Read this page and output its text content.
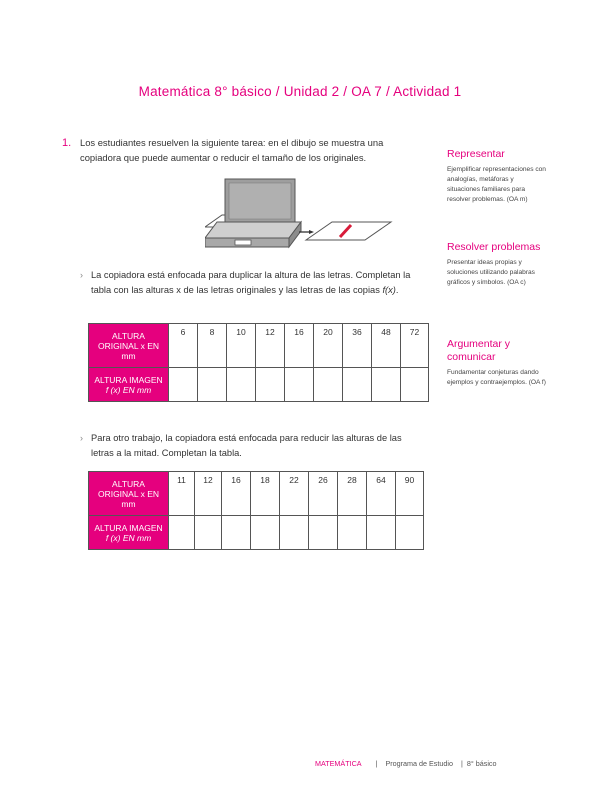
Matemática 8° básico / Unidad 2 / OA 7 / Actividad 1
1. Los estudiantes resuelven la siguiente tarea: en el dibujo se muestra una copiadora que puede aumentar o reducir el tamaño de los originales.
› La copiadora está enfocada para duplicar la altura de las letras. Completan la tabla con las alturas x de las letras originales y las letras de las copias f(x).
ALTURA ORIGINAL x EN mm	6	8	10	12	16	20	36	48	72
ALTURA IMAGEN
f (x) EN mm									
› Para otro trabajo, la copiadora está enfocada para reducir las alturas de las letras a la mitad. Completan la tabla.
ALTURA ORIGINAL x EN mm	11	12	16	18	22	26	28	64	90
ALTURA IMAGEN
f (x) EN mm									
Representar
Ejemplificar representaciones con analogías, metáforas y situaciones familiares para resolver problemas. (OA m)
Resolver problemas
Presentar ideas propias y soluciones utilizando palabras gráficos y símbolos. (OA c)
Argumentar y comunicar
Fundamentar conjeturas dando ejemplos y contraejemplos. (OA f)
MATEMÁTICA | Programa de Estudio | 8° básico
